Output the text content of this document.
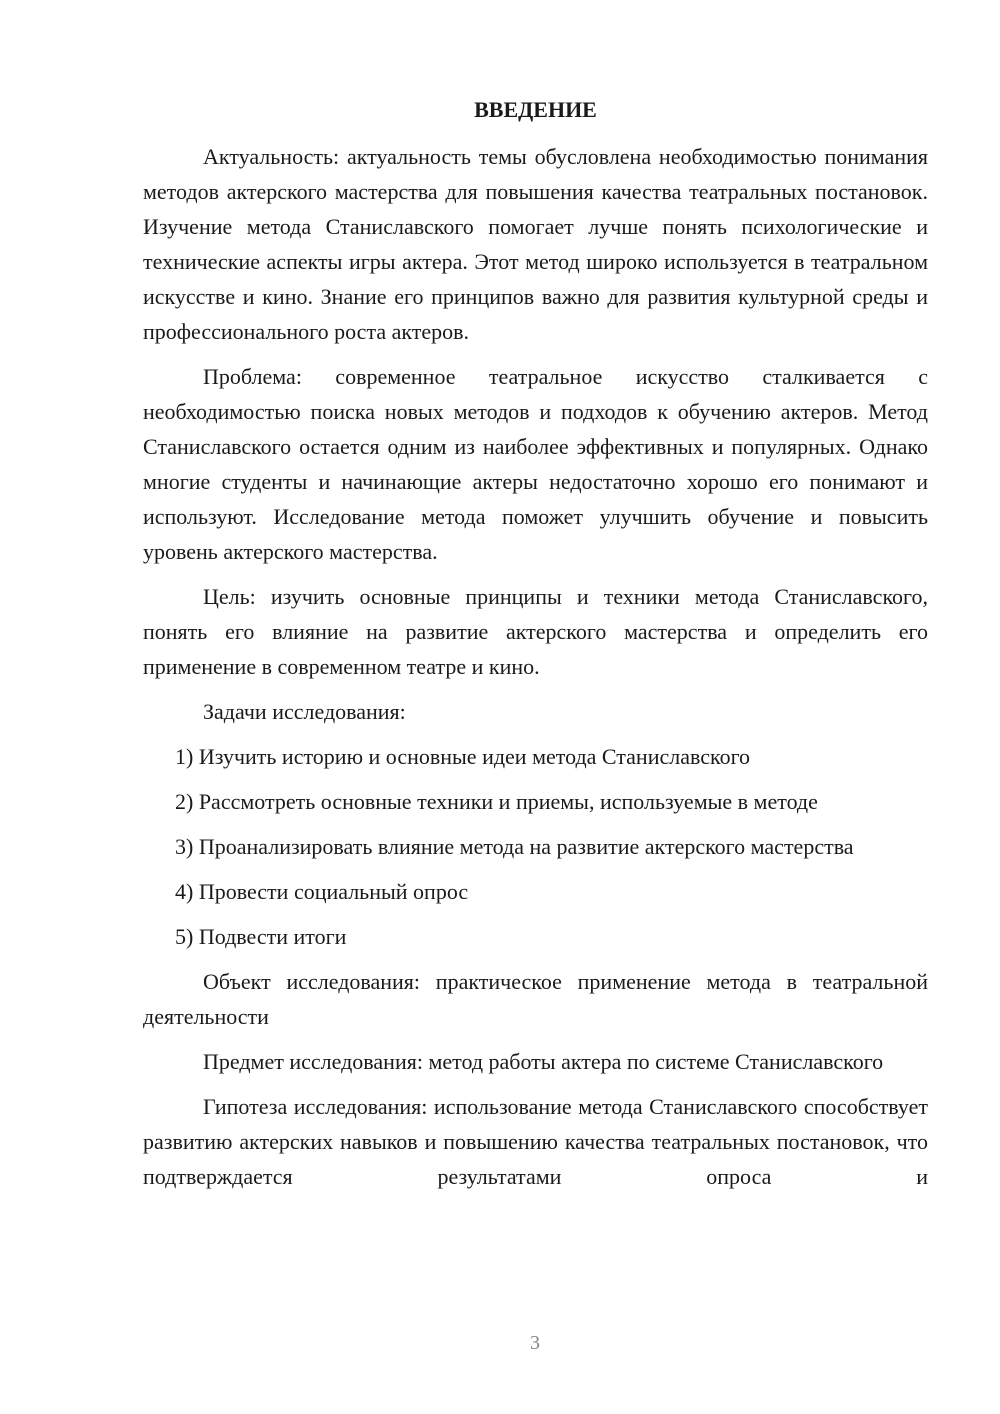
ВВЕДЕНИЕ

Актуальность: актуальность темы обусловлена необходимостью понимания методов актерского мастерства для повышения качества театральных постановок. Изучение метода Станиславского помогает лучше понять психологические и технические аспекты игры актера. Этот метод широко используется в театральном искусстве и кино. Знание его принципов важно для развития культурной среды и профессионального роста актеров.

Проблема: современное театральное искусство сталкивается с необходимостью поиска новых методов и подходов к обучению актеров. Метод Станиславского остается одним из наиболее эффективных и популярных. Однако многие студенты и начинающие актеры недостаточно хорошо его понимают и используют. Исследование метода поможет улучшить обучение и повысить уровень актерского мастерства.

Цель: изучить основные принципы и техники метода Станиславского, понять его влияние на развитие актерского мастерства и определить его применение в современном театре и кино.

Задачи исследования:

1) Изучить историю и основные идеи метода Станиславского

2) Рассмотреть основные техники и приемы, используемые в методе

3) Проанализировать влияние метода на развитие актерского мастерства

4) Провести социальный опрос

5) Подвести итоги

Объект исследования: практическое применение метода в театральной деятельности

Предмет исследования: метод работы актера по системе Станиславского

Гипотеза исследования: использование метода Станиславского способствует развитию актерских навыков и повышению качества театральных постановок, что подтверждается результатами опроса и

3
